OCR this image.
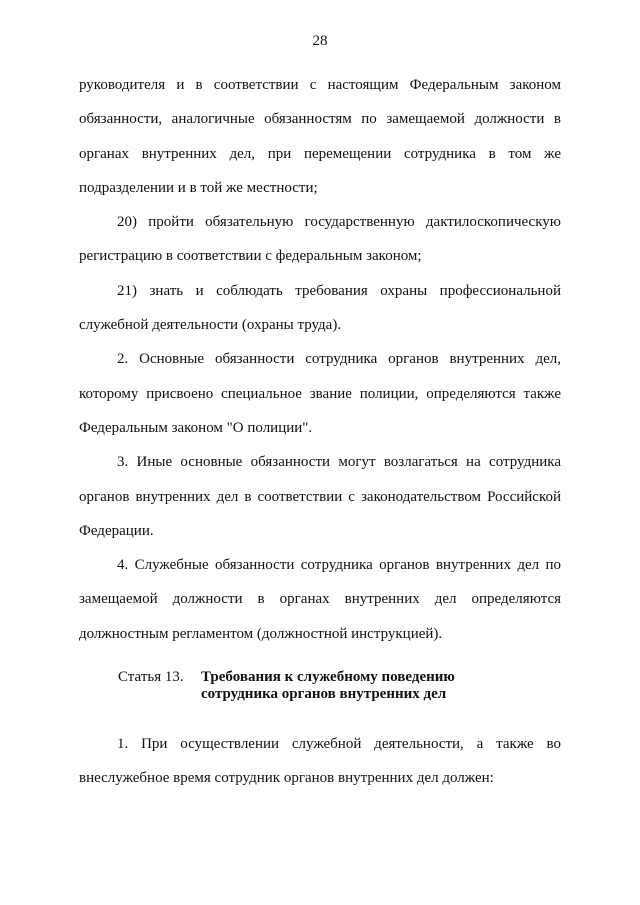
28

руководителя и в соответствии с настоящим Федеральным законом

обязанности, аналогичные обязанностям по замещаемой должности в

органах внутренних дел, при перемещении сотрудника в том же

подразделении и в той же местности;

20) пройти обязательную государственную дактилоскопическую

регистрацию в соответствии с федеральным законом;

21) знать и соблюдать требования охраны профессиональной

служебной деятельности (охраны труда).

2. Основные обязанности сотрудника органов внутренних дел,

которому присвоено специальное звание полиции, определяются также

Федеральным законом "О полиции".

3. Иные основные обязанности могут возлагаться на сотрудника

органов внутренних дел в соответствии с законодательством Российской

Федерации.

4. Служебные обязанности сотрудника органов внутренних дел по

замещаемой должности в органах внутренних дел определяются

должностным регламентом (должностной инструкцией).

Статья 13. Требования к служебному поведению
сотрудника органов внутренних дел

1. При осуществлении служебной деятельности, а также во

внеслужебное время сотрудник органов внутренних дел должен:
